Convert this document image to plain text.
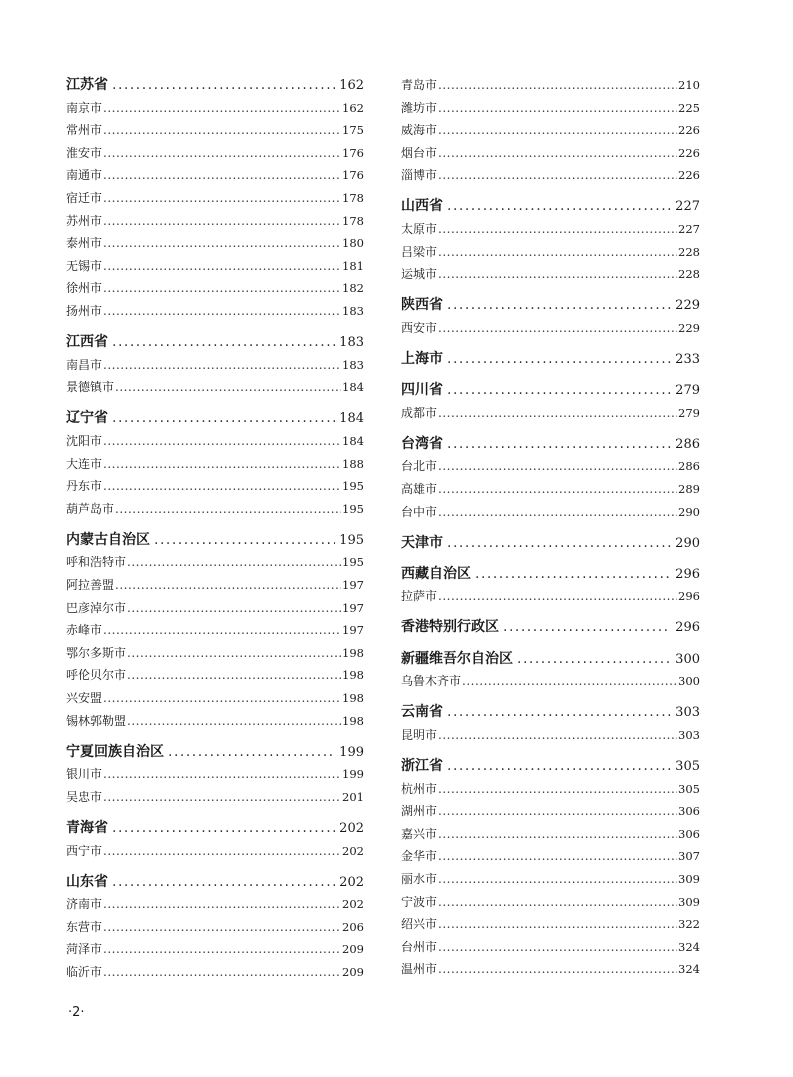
江苏省 .....	162
南京市 .....	162
常州市 .....	175
淮安市 .....	176
南通市 .....	176
宿迁市 .....	178
苏州市 .....	178
泰州市 .....	180
无锡市 .....	181
徐州市 .....	182
扬州市 .....	183
江西省 .....	183
南昌市 .....	183
景德镇市 .....	184
辽宁省 .....	184
沈阳市 .....	184
大连市 .....	188
丹东市 .....	195
葫芦岛市 .....	195
内蒙古自治区 .....	195
呼和浩特市 .....	195
阿拉善盟 .....	197
巴彦淖尔市 .....	197
赤峰市 .....	197
鄂尔多斯市 .....	198
呼伦贝尔市 .....	198
兴安盟 .....	198
锡林郭勒盟 .....	198
宁夏回族自治区 .....	199
银川市 .....	199
吴忠市 .....	201
青海省 .....	202
西宁市 .....	202
山东省 .....	202
济南市 .....	202
东营市 .....	206
菏泽市 .....	209
临沂市 .....	209
青岛市 .....	210
潍坊市 .....	225
威海市 .....	226
烟台市 .....	226
淄博市 .....	226
山西省 .....	227
太原市 .....	227
吕梁市 .....	228
运城市 .....	228
陕西省 .....	229
西安市 .....	229
上海市 .....	233
四川省 .....	279
成都市 .....	279
台湾省 .....	286
台北市 .....	286
高雄市 .....	289
台中市 .....	290
天津市 .....	290
西藏自治区 .....	296
拉萨市 .....	296
香港特别行政区 .....	296
新疆维吾尔自治区 .....	300
乌鲁木齐市 .....	300
云南省 .....	303
昆明市 .....	303
浙江省 .....	305
杭州市 .....	305
湖州市 .....	306
嘉兴市 .....	306
金华市 .....	307
丽水市 .....	309
宁波市 .....	309
绍兴市 .....	322
台州市 .....	324
温州市 .....	324
·2·
